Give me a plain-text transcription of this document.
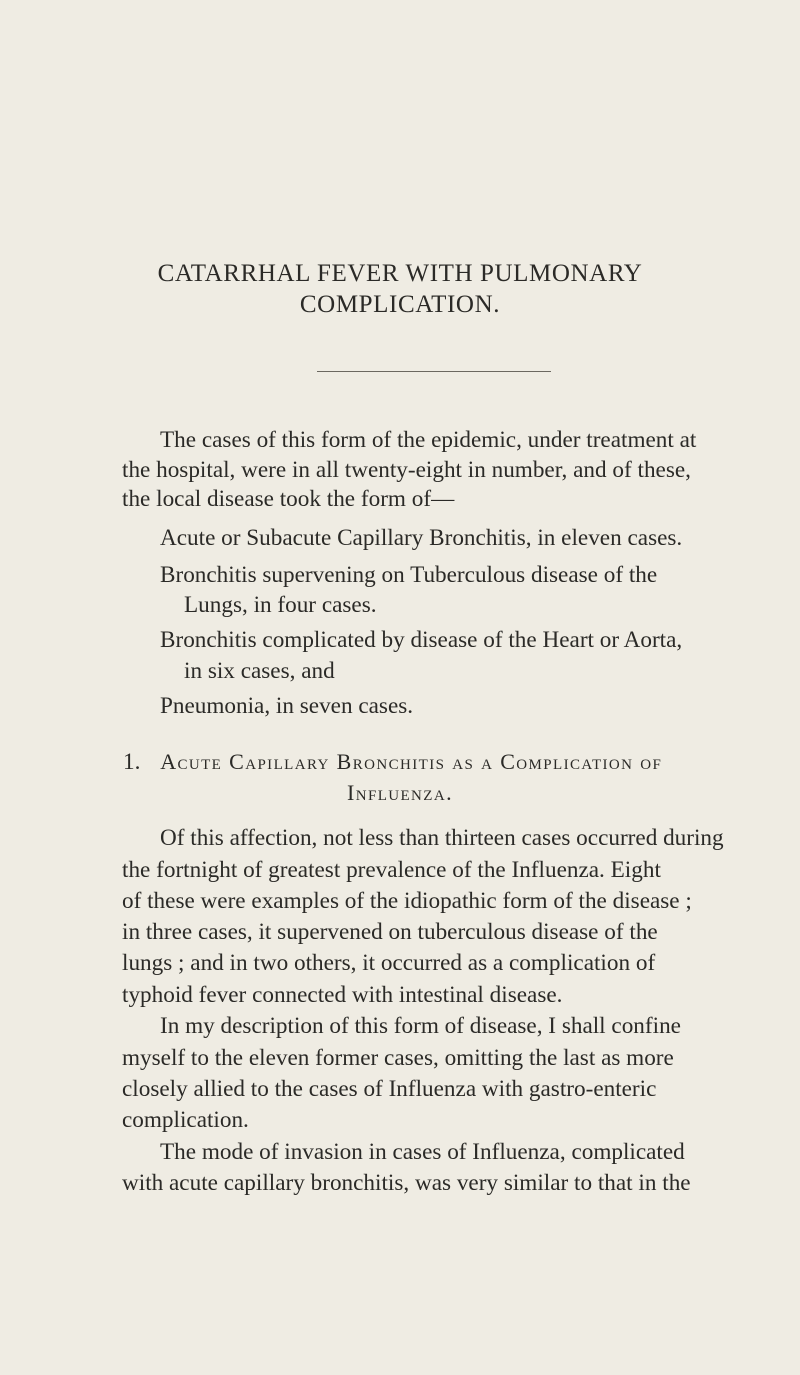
CATARRHAL FEVER WITH PULMONARY
COMPLICATION.
The cases of this form of the epidemic, under treatment at
the hospital, were in all twenty-eight in number, and of these,
the local disease took the form of—
Acute or Subacute Capillary Bronchitis, in eleven cases.
Bronchitis supervening on Tuberculous disease of the
Lungs, in four cases.
Bronchitis complicated by disease of the Heart or Aorta,
in six cases, and
Pneumonia, in seven cases.
1. Acute Capillary Bronchitis as a Complication of
Influenza.
Of this affection, not less than thirteen cases occurred during
the fortnight of greatest prevalence of the Influenza. Eight
of these were examples of the idiopathic form of the disease ;
in three cases, it supervened on tuberculous disease of the
lungs ; and in two others, it occurred as a complication of
typhoid fever connected with intestinal disease.
In my description of this form of disease, I shall confine
myself to the eleven former cases, omitting the last as more
closely allied to the cases of Influenza with gastro-enteric
complication.
The mode of invasion in cases of Influenza, complicated
with acute capillary bronchitis, was very similar to that in the
